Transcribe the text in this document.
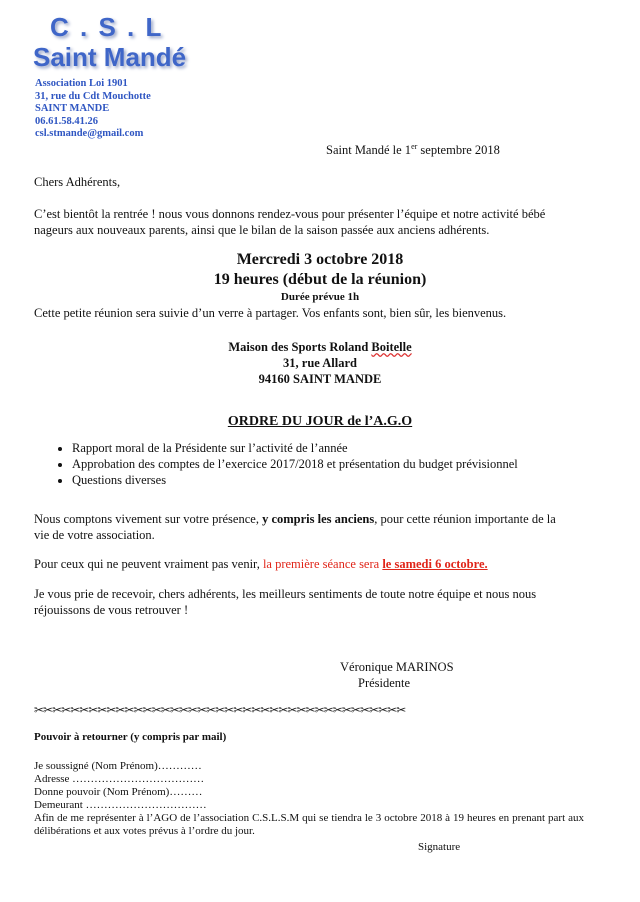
C . S . L
Saint Mandé
Association Loi 1901
31, rue du Cdt Mouchotte
SAINT MANDE
06.61.58.41.26
csl.stmande@gmail.com
Saint Mandé le 1er septembre 2018
Chers Adhérents,
C’est bientôt la rentrée ! nous vous donnons rendez-vous pour présenter l’équipe et notre activité bébé nageurs aux nouveaux parents, ainsi que le bilan de la saison passée aux anciens adhérents.
Mercredi 3 octobre 2018
19 heures (début de la réunion)
Durée prévue 1h
Cette petite réunion sera suivie d’un verre à partager. Vos enfants sont, bien sûr, les bienvenus.
Maison des Sports Roland Boitelle
31, rue Allard
94160 SAINT MANDE
ORDRE DU JOUR de l’A.G.O
• Rapport moral de la Présidente sur l’activité de l’année
• Approbation des comptes de l’exercice 2017/2018 et présentation du budget prévisionnel
• Questions diverses
Nous comptons vivement sur votre présence, y compris les anciens, pour cette réunion importante de la vie de votre association.
Pour ceux qui ne peuvent vraiment pas venir, la première séance sera le samedi 6 octobre.
Je vous prie de recevoir, chers adhérents, les meilleurs sentiments de toute notre équipe et nous nous réjouissons de vous retrouver !
Véronique MARINOS
Présidente
✂✂✂✂✂✂✂✂✂✂✂✂✂✂✂✂✂✂✂✂✂✂✂✂✂✂✂✂✂✂✂✂✂✂✂✂✂✂✂✂✂
Pouvoir à retourner (y compris par mail)
Je soussigné (Nom Prénom)…………
Adresse ………………………………
Donne pouvoir (Nom Prénom)………
Demeurant ……………………………
Afin de me représenter à l’AGO de l’association C.S.L.S.M qui se tiendra le 3 octobre 2018 à 19 heures en prenant part aux délibérations et aux votes prévus à l’ordre du jour.
Signature
